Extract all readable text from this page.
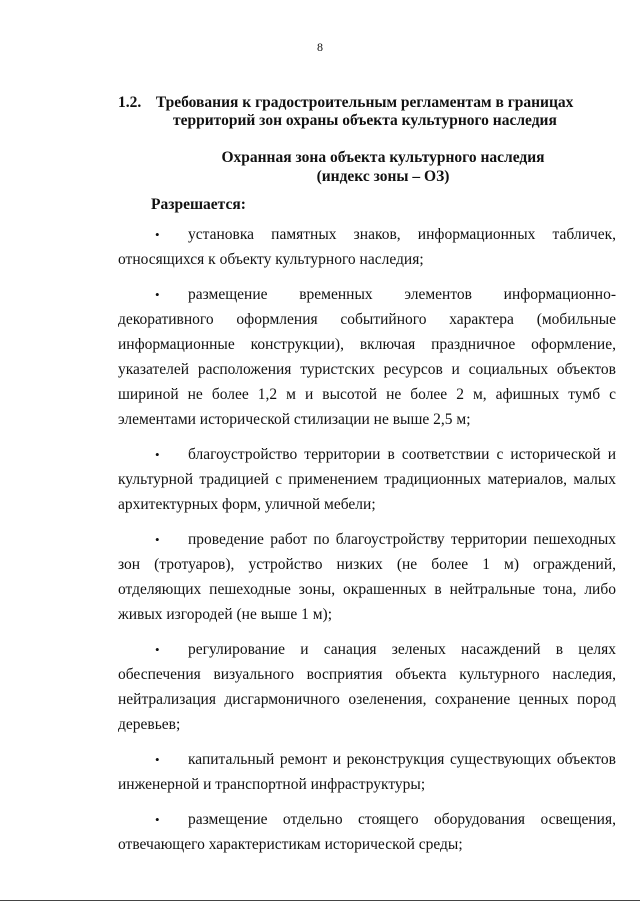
8
1.2. Требования к градостроительным регламентам в границах
территорий зон охраны объекта культурного наследия
Охранная зона объекта культурного наследия
(индекс зоны – ОЗ)
Разрешается:
• установка памятных знаков, информационных табличек, относящихся к объекту культурного наследия;
• размещение временных элементов информационно-декоративного оформления событийного характера (мобильные информационные конструкции), включая праздничное оформление, указателей расположения туристских ресурсов и социальных объектов шириной не более 1,2 м и высотой не более 2 м, афишных тумб с элементами исторической стилизации не выше 2,5 м;
• благоустройство территории в соответствии с исторической и культурной традицией с применением традиционных материалов, малых архитектурных форм, уличной мебели;
• проведение работ по благоустройству территории пешеходных зон (тротуаров), устройство низких (не более 1 м) ограждений, отделяющих пешеходные зоны, окрашенных в нейтральные тона, либо живых изгородей (не выше 1 м);
• регулирование и санация зеленых насаждений в целях обеспечения визуального восприятия объекта культурного наследия, нейтрализация дисгармоничного озеленения, сохранение ценных пород деревьев;
• капитальный ремонт и реконструкция существующих объектов инженерной и транспортной инфраструктуры;
• размещение отдельно стоящего оборудования освещения, отвечающего характеристикам исторической среды;
